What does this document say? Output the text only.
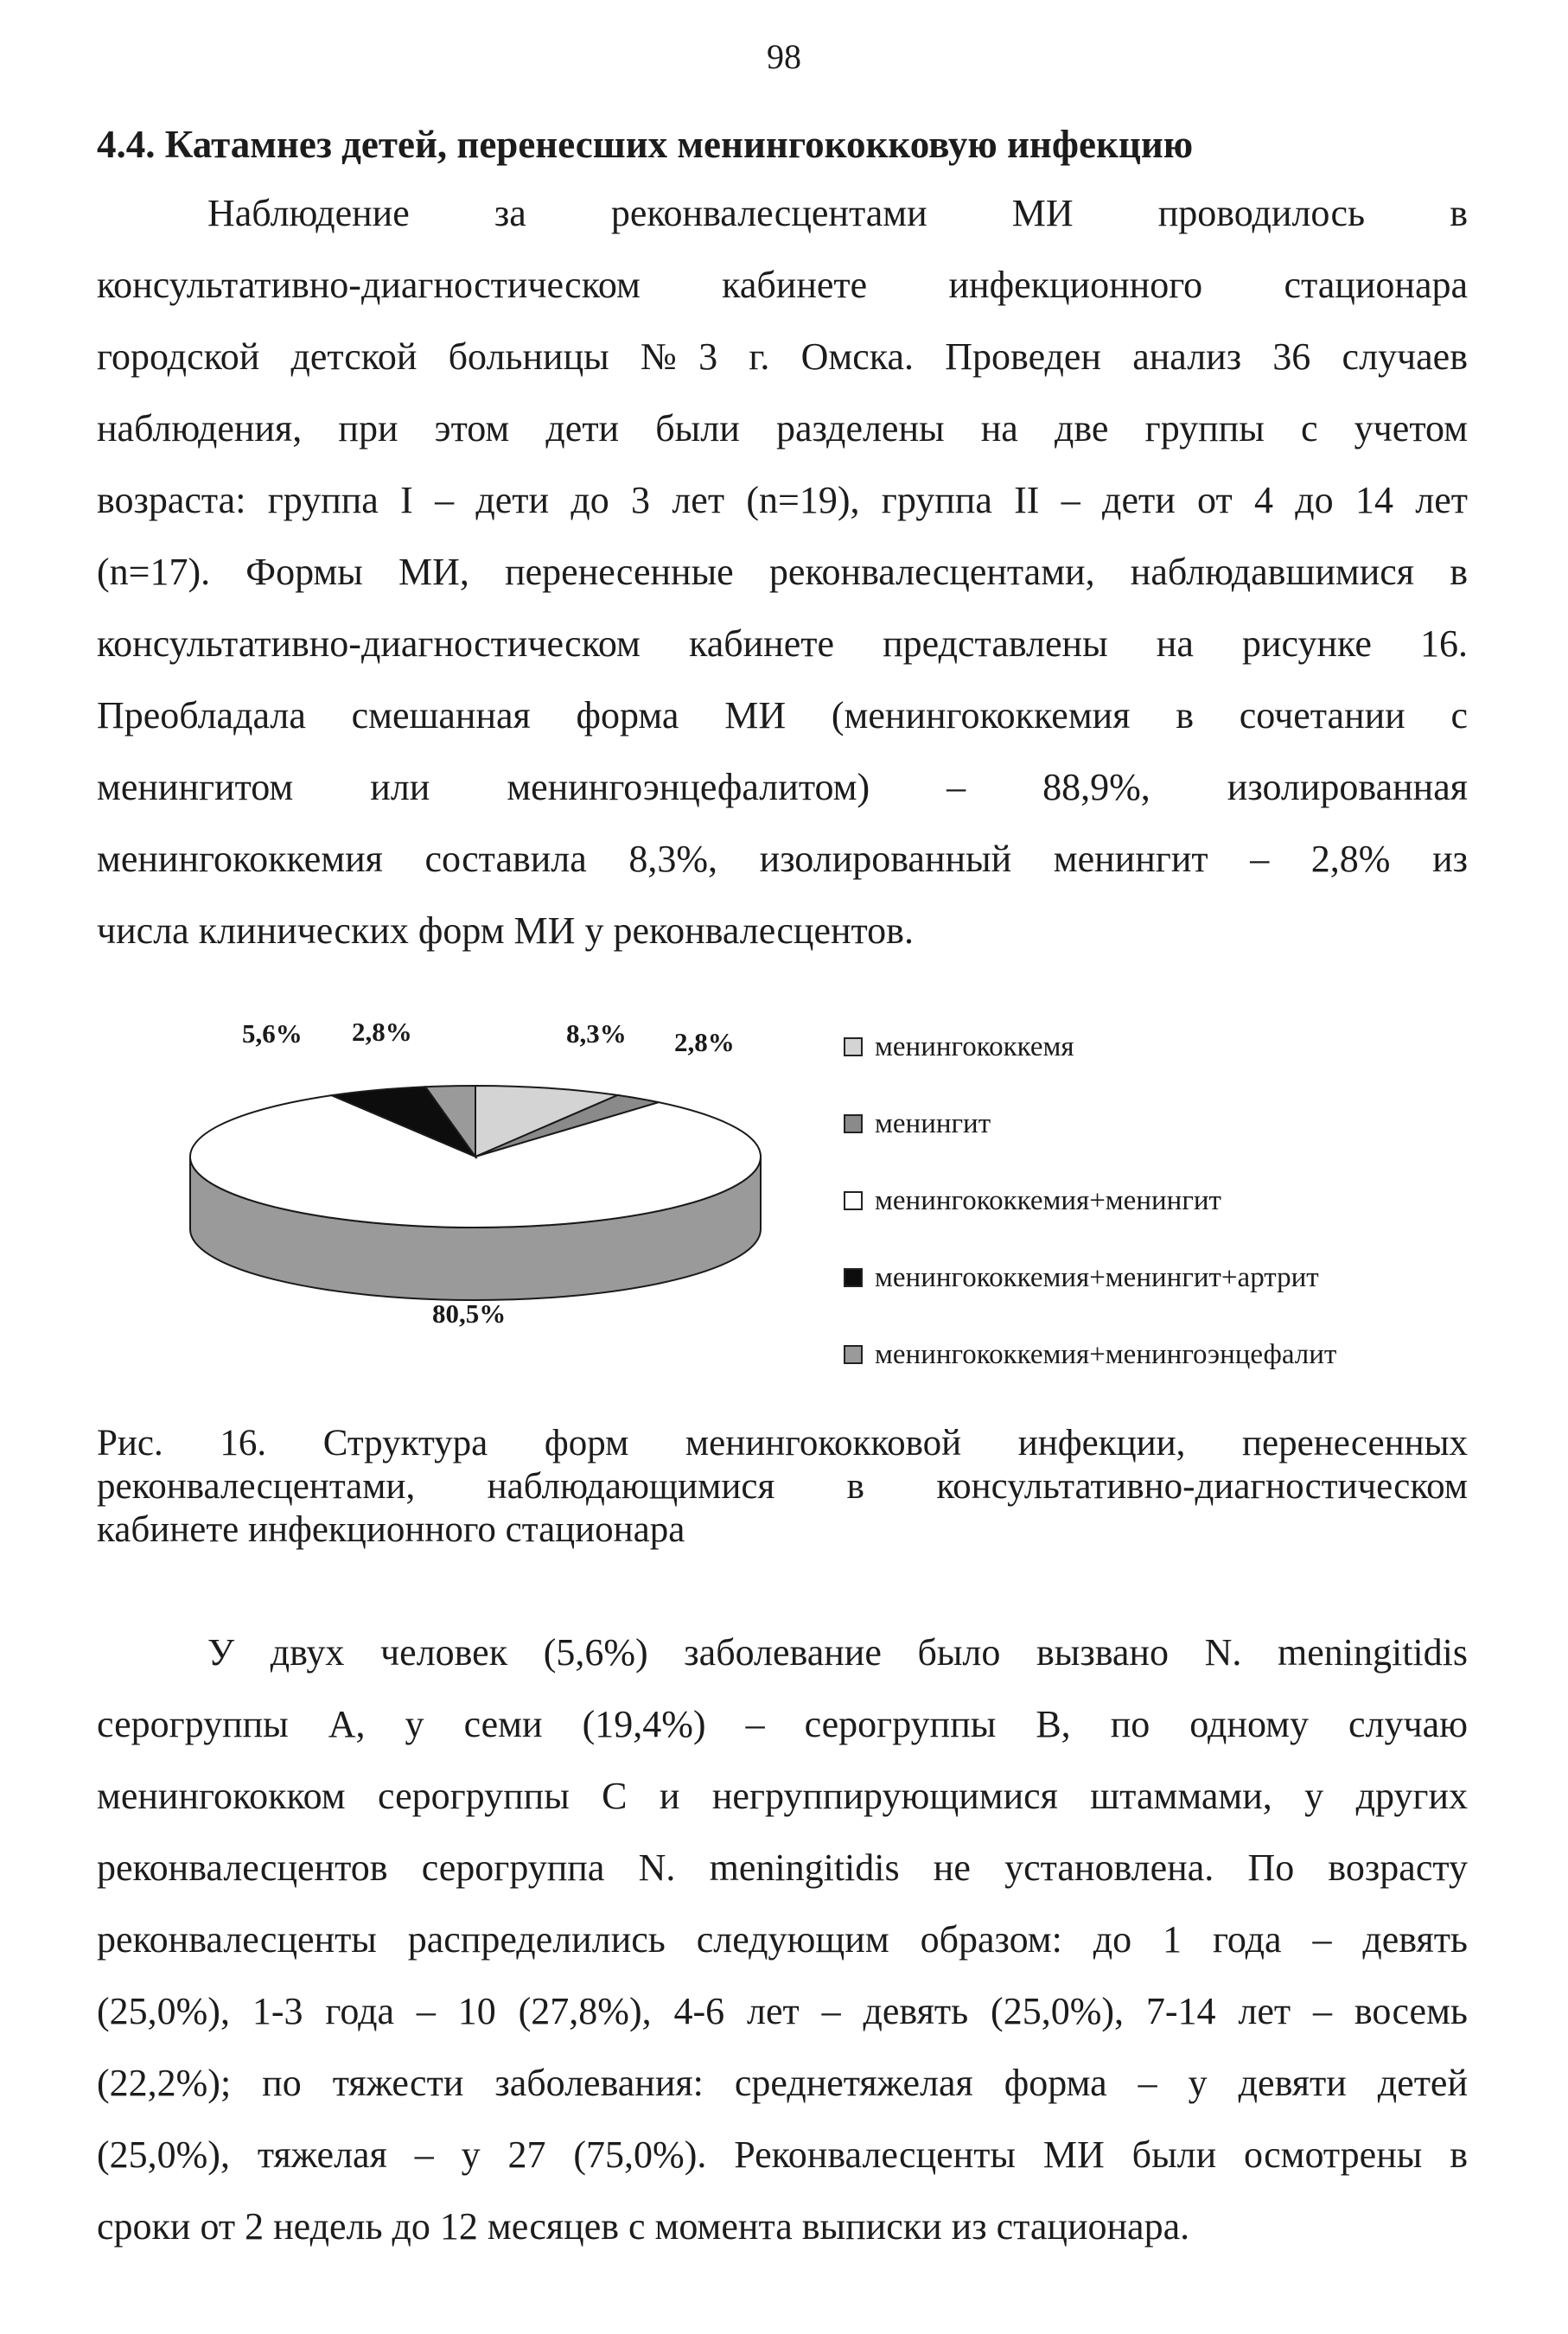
98
4.4. Катамнез детей, перенесших менингококковую инфекцию
Наблюдение за реконвалесцентами МИ проводилось в
консультативно-диагностическом кабинете инфекционного стационара
городской детской больницы №3 г. Омска. Проведен анализ 36 случаев
наблюдения, при этом дети были разделены на две группы с учетом
возраста: группа I – дети до 3 лет (n=19), группа II – дети от 4 до 14 лет
(n=17). Формы МИ, перенесенные реконвалесцентами, наблюдавшимися в
консультативно-диагностическом кабинете представлены на рисунке 16.
Преобладала смешанная форма МИ (менингококкемия в сочетании с
менингитом или менингоэнцефалитом) – 88,9%, изолированная
менингококкемия составила 8,3%, изолированный менингит – 2,8% из
числа клинических форм МИ у реконвалесцентов.
8,3% 2,8%
80,5%
5,6% 2,8%	менингококкемя
менингит
менингококкемия+менингит
менингококкемия+менингит+артрит
менингококкемия+менингоэнцефалит
Рис. 16. Структура форм менингококковой инфекции, перенесенных
реконвалесцентами, наблюдающимися в консультативно-диагностическом
кабинете инфекционного стационара
У двух человек (5,6%) заболевание было вызвано N. meningitidis
серогруппы А, у семи (19,4%) – серогруппы В, по одному случаю
менингококком серогруппы С и негруппирующимися штаммами, у других
реконвалесцентов серогруппа N. meningitidis не установлена. По возрасту
реконвалесценты распределились следующим образом: до 1 года – девять
(25,0%), 1-3 года – 10 (27,8%), 4-6 лет – девять (25,0%), 7-14 лет – восемь
(22,2%); по тяжести заболевания: среднетяжелая форма – у девяти детей
(25,0%), тяжелая – у 27 (75,0%). Реконвалесценты МИ были осмотрены в
сроки от 2 недель до 12 месяцев с момента выписки из стационара.
